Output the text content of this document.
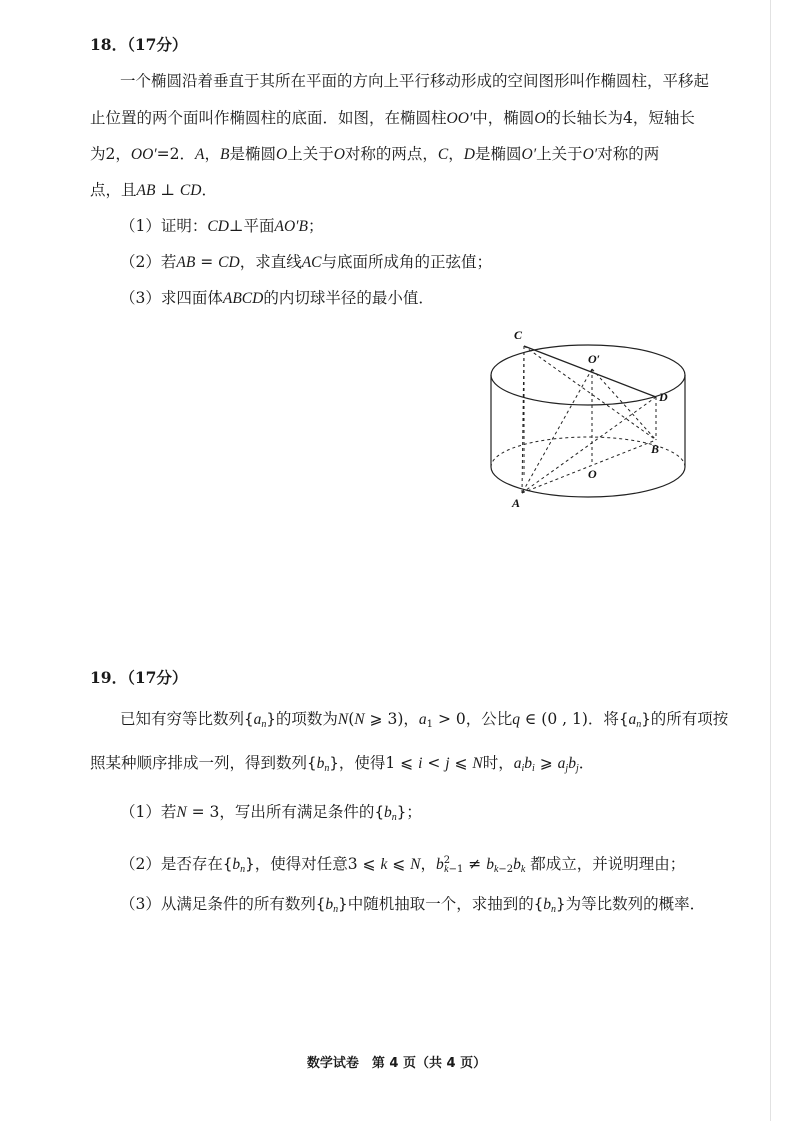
18．（17分）
一个椭圆沿着垂直于其所在平面的方向上平行移动形成的空间图形叫作椭圆柱，平移起
止位置的两个面叫作椭圆柱的底面．如图，在椭圆柱OO′中，椭圆O的长轴长为4，短轴长
为2，OO′=2．A，B是椭圆O上关于O对称的两点，C，D是椭圆O′上关于O′对称的两
点，且AB ⊥ CD．
（1）证明：CD⊥平面AO′B；
（2）若AB = CD，求直线AC与底面所成角的正弦值；
（3）求四面体ABCD的内切球半径的最小值．
C
O′
D
B
O
A
19．（17分）
已知有穷等比数列$\{a_n\}$的项数为N(N ⩾ 3)，$a_1 > 0$，公比q ∈ (0 , 1)．将$\{a_n\}$的所有项按
照某种顺序排成一列，得到数列$\{b_n\}$，使得1 ⩽ i < j ⩽ N时，$a_ib_i$ ⩾ $a_jb_j$．
（1）若N = 3，写出所有满足条件的$\{b_n\}$；
（2）是否存在$\{b_n\}$，使得对任意3 ⩽ k ⩽ N，$b^2_{k-1} \ne b_{k-2}b_k$ 都成立，并说明理由；
（3）从满足条件的所有数列$\{b_n\}$中随机抽取一个，求抽到的$\{b_n\}$为等比数列的概率．
数学试卷　第 4 页（共 4 页）
